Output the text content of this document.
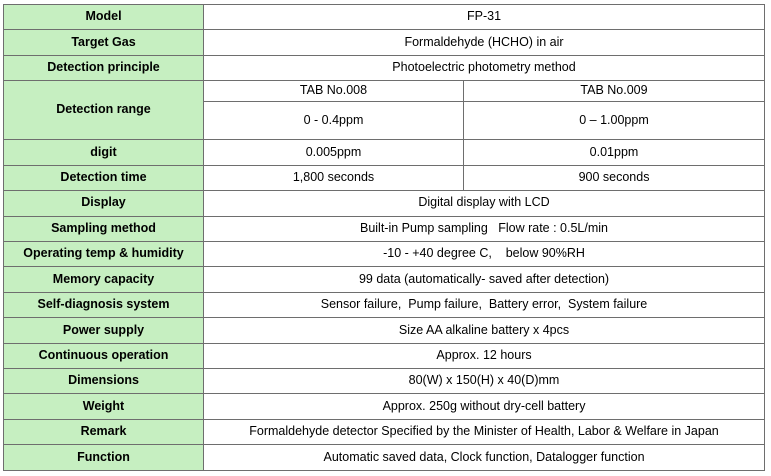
Model	FP-31	
Target Gas	Formaldehyde (HCHO) in air	
Detection principle	Photoelectric photometry method	
Detection range	TAB No.008	TAB No.009
	0 - 0.4ppm	0 – 1.00ppm
digit	0.005ppm	0.01ppm
Detection time	1,800 seconds	900 seconds
Display	Digital display with LCD	
Sampling method	Built-in Pump sampling   Flow rate : 0.5L/min	
Operating temp & humidity	-10 - +40 degree C,    below 90%RH	
Memory capacity	99 data (automatically- saved after detection)	
Self-diagnosis system	Sensor failure,  Pump failure,  Battery error,  System failure	
Power supply	Size AA alkaline battery x 4pcs	
Continuous operation	Approx. 12 hours	
Dimensions	80(W) x 150(H) x 40(D)mm	
Weight	Approx. 250g without dry-cell battery	
Remark	Formaldehyde detector Specified by the Minister of Health, Labor & Welfare in Japan	
Function	Automatic saved data, Clock function, Datalogger function	
